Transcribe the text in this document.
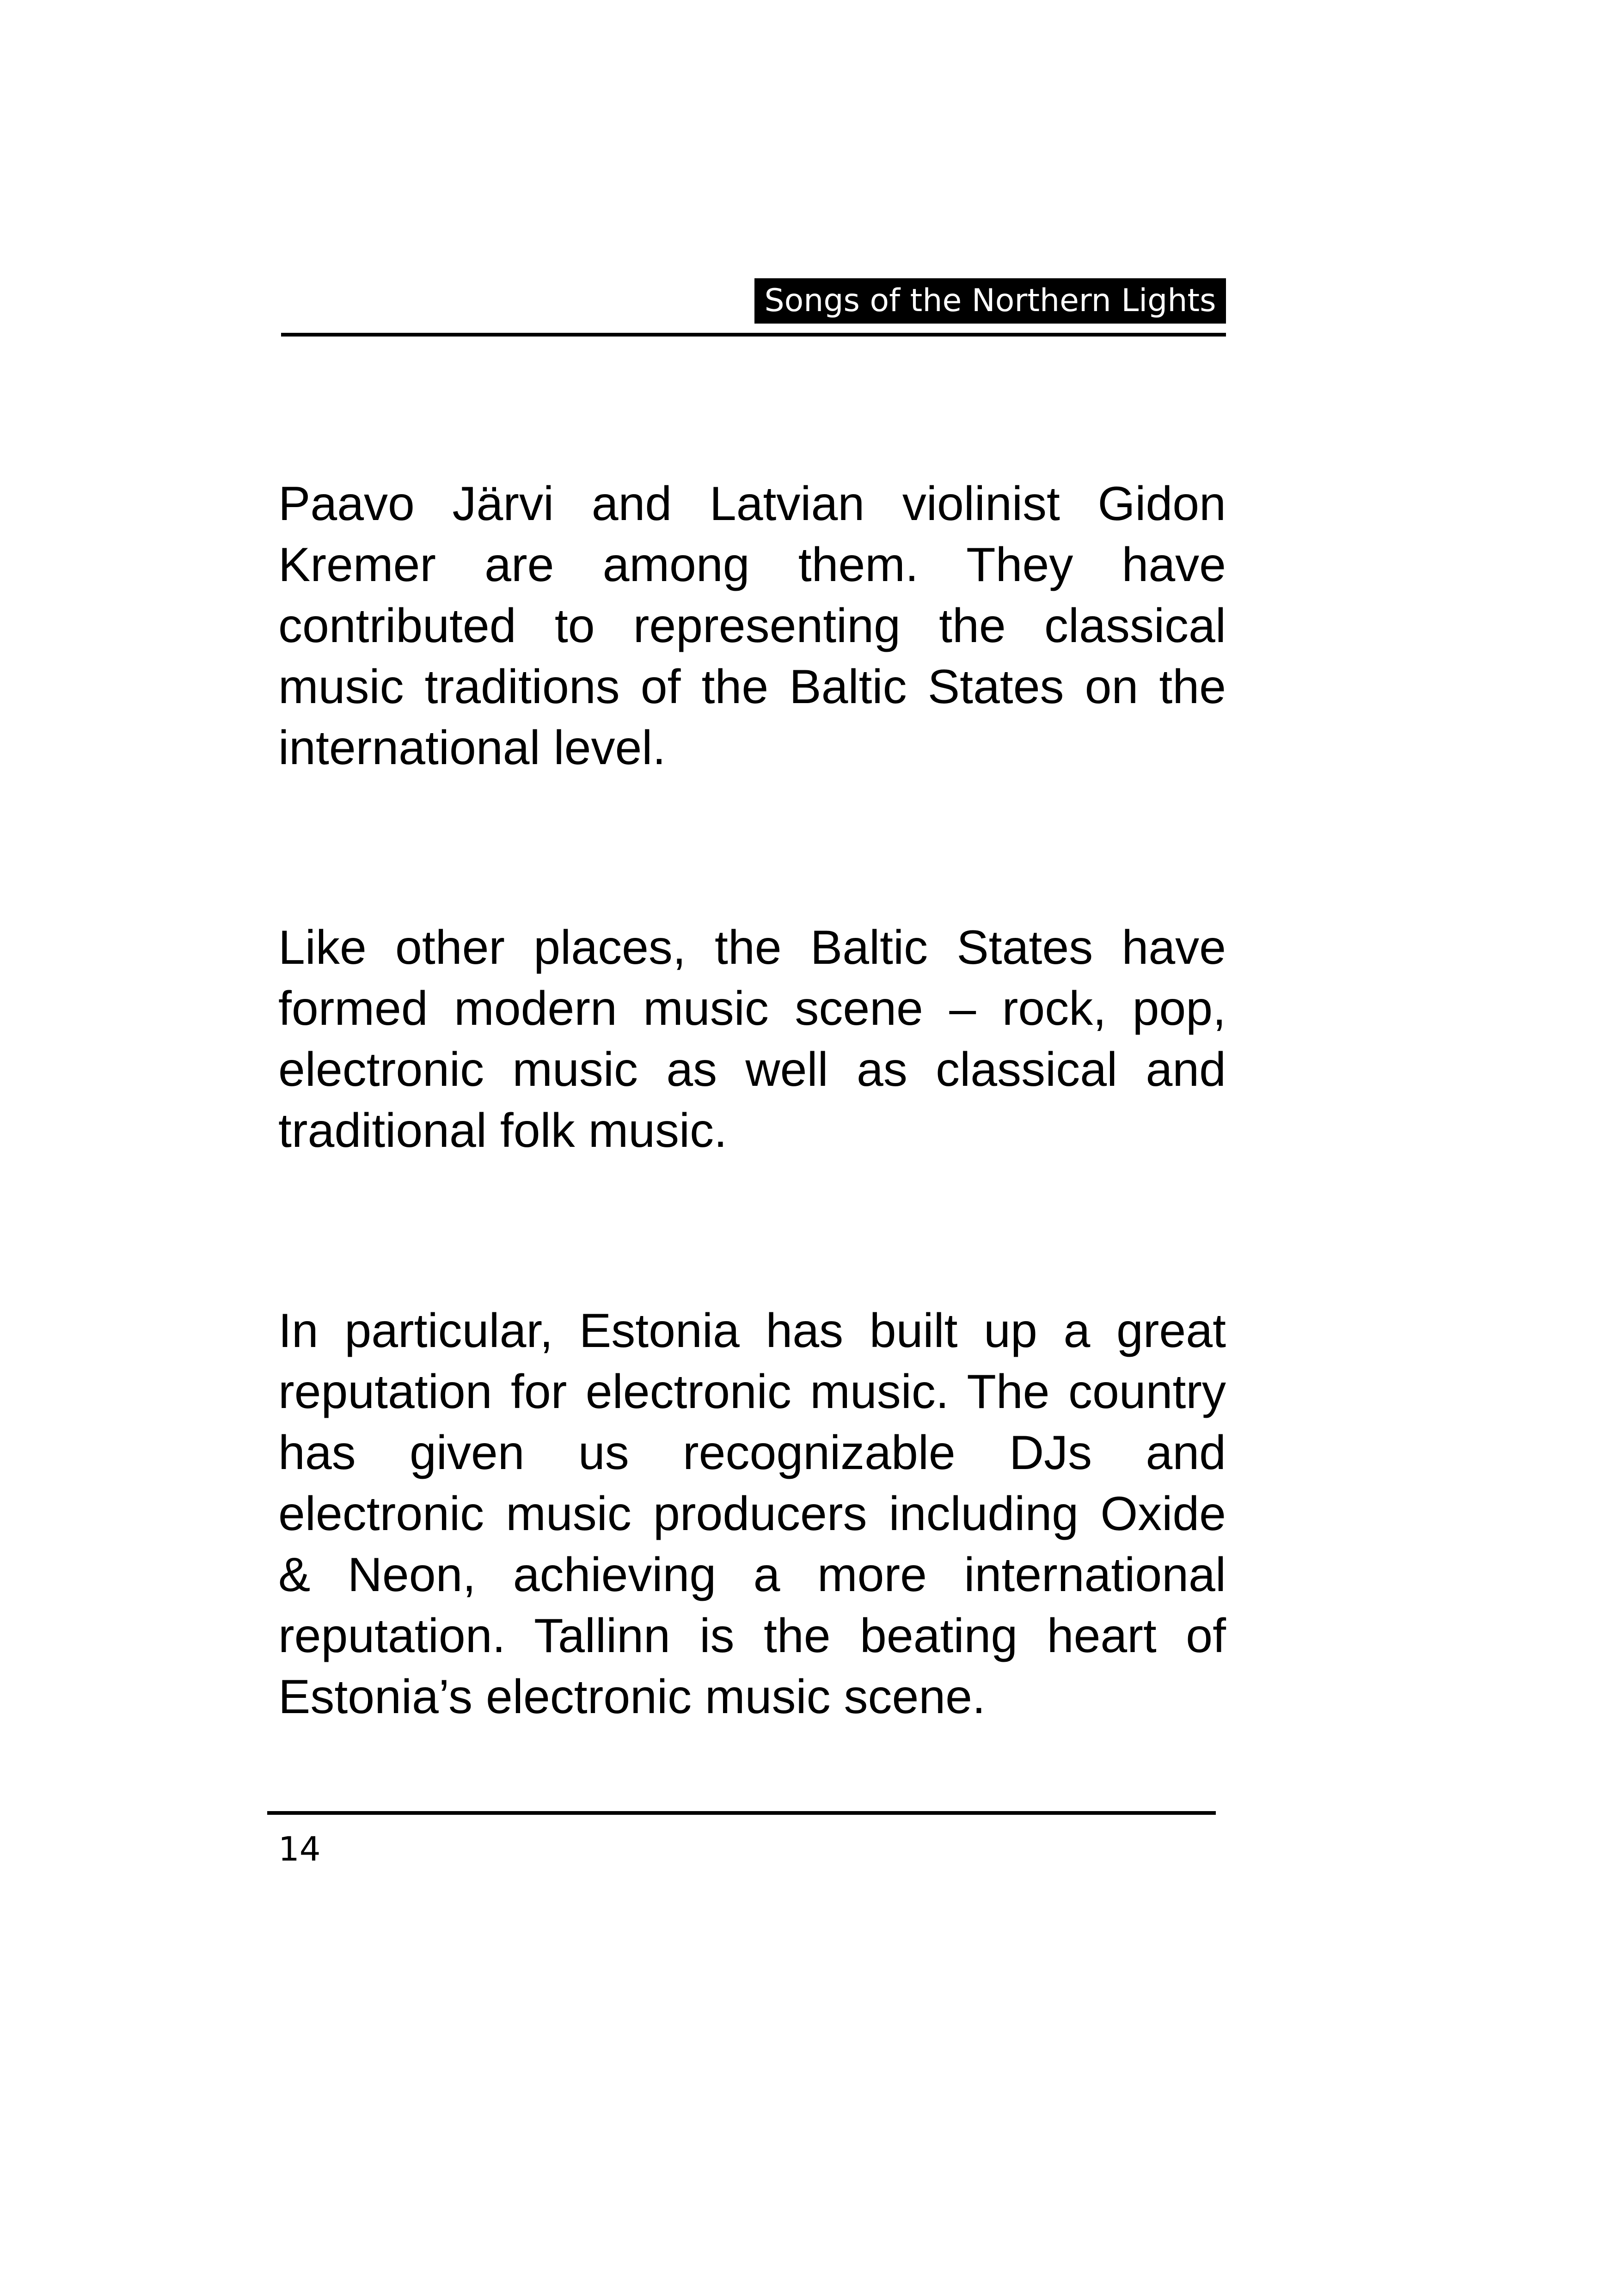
Songs of the Northern Lights

Paavo Järvi and Latvian violinist Gidon Kremer are among them. They have contributed to representing the classical music traditions of the Baltic States on the international level.

Like other places, the Baltic States have formed modern music scene – rock, pop, electronic music as well as classical and traditional folk music.

In particular, Estonia has built up a great reputation for electronic music. The country has given us recognizable DJs and electronic music producers including Oxide & Neon, achieving a more international reputation. Tallinn is the beating heart of Estonia’s electronic music scene.

14
